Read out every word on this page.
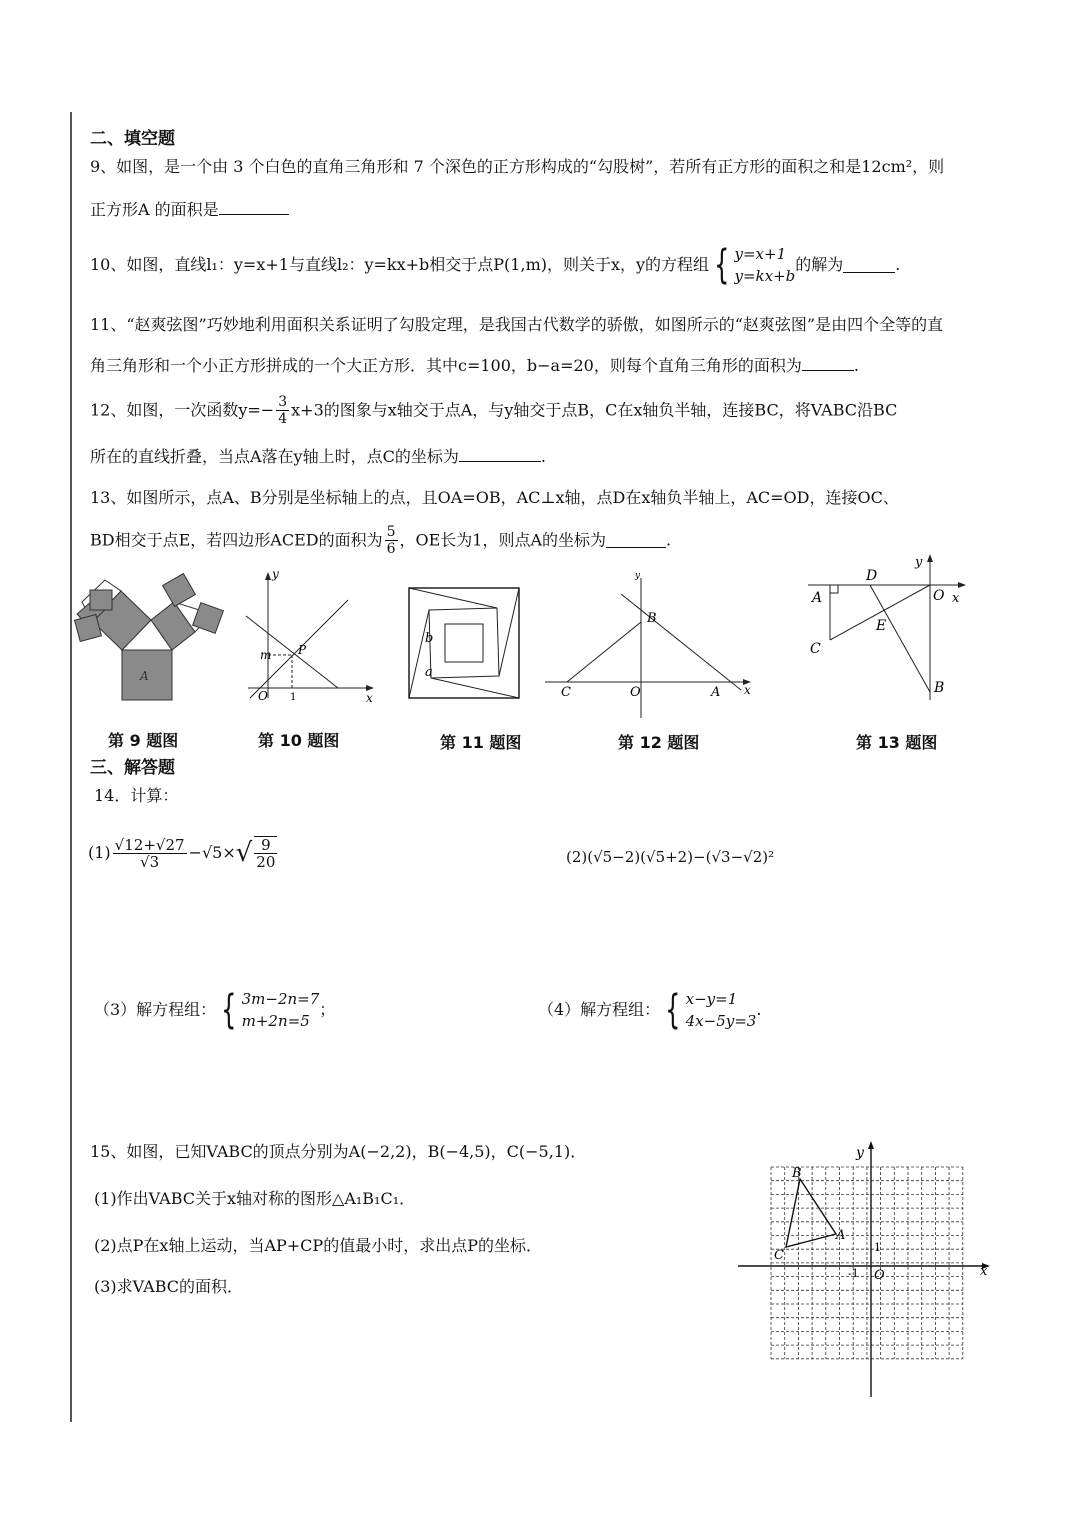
二、填空题
9、如图，是一个由 3 个白色的直角三角形和 7 个深色的正方形构成的“勾股树”，若所有正方形的面积之和是12cm²，则
正方形A 的面积是
10、如图，直线l₁：y=x+1与直线l₂：y=kx+b相交于点P(1,m)，则关于x，y的方程组 { y=x+1
y=kx+b
的解为	.
11、“赵爽弦图”巧妙地利用面积关系证明了勾股定理，是我国古代数学的骄傲，如图所示的“赵爽弦图”是由四个全等的直
角三角形和一个小正方形拼成的一个大正方形．其中c=100，b−a=20，则每个直角三角形的面积为	.
12、如图，一次函数$y=- \frac{3}{4} x+3$的图象与x轴交于点A，与y轴交于点B，C在x轴负半轴，连接BC，将VABC沿BC
所在的直线折叠，当点A落在y轴上时，点C的坐标为	.
13、如图所示，点A、B分别是坐标轴上的点，且OA=OB，AC⊥x轴，点D在x轴负半轴上，AC=OD，连接OC、
BD相交于点E，若四边形ACED的面积为 $\frac{5}{6}$ ，OE长为1，则点A的坐标为	.
A
y
x
m P
O 1
b
a
y
B
C	O	A x
y
D
A	O x
E
C
B
第 9 题图	第 10 题图	第 11 题图	第 12 题图	第 13 题图
三、解答题
14．计算：
$(1) \frac{√12+√27}{√3} -√5\times√ \frac{9}{20}$	(2)(√5−2)(√5+2)−(√3−√2)²
（3）解方程组： { 3m−2n=7
m+2n=5
；	（4）解方程组： { x−y=1
4x−5y=3
.
15、如图，已知VABC的顶点分别为A(−2,2)，B(−4,5)，C(−5,1)．
(1)作出VABC关于x轴对称的图形△A₁B₁C₁．
(2)点P在x轴上运动，当AP+CP的值最小时，求出点P的坐标．
(3)求VABC的面积．
y
B
A
C
1
-1 O	x
